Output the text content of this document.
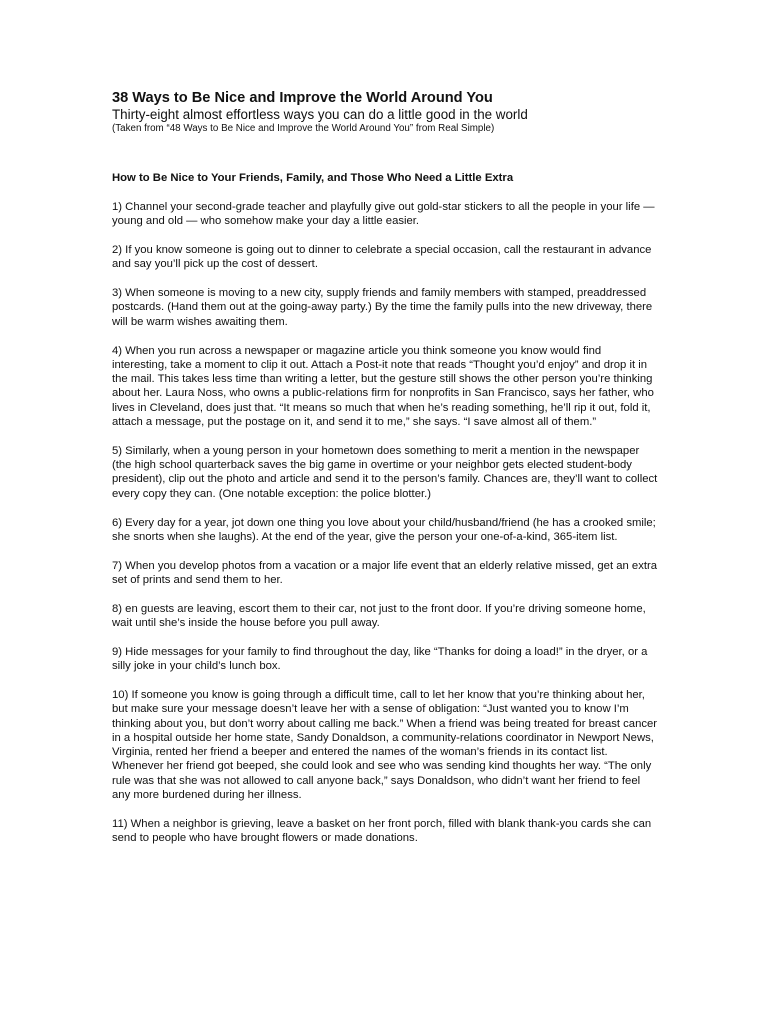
38 Ways to Be Nice and Improve the World Around You

Thirty-eight almost effortless ways you can do a little good in the world

(Taken from “48 Ways to Be Nice and Improve the World Around You” from Real Simple)

How to Be Nice to Your Friends, Family, and Those Who Need a Little Extra

1) Channel your second-grade teacher and playfully give out gold-star stickers to all the people in your life — young and old — who somehow make your day a little easier.

2) If you know someone is going out to dinner to celebrate a special occasion, call the restaurant in advance and say you’ll pick up the cost of dessert.

3) When someone is moving to a new city, supply friends and family members with stamped, preaddressed postcards. (Hand them out at the going-away party.) By the time the family pulls into the new driveway, there will be warm wishes awaiting them.

4) When you run across a newspaper or magazine article you think someone you know would find interesting, take a moment to clip it out. Attach a Post-it note that reads “Thought you’d enjoy” and drop it in the mail. This takes less time than writing a letter, but the gesture still shows the other person you’re thinking about her. Laura Noss, who owns a public-relations firm for nonprofits in San Francisco, says her father, who lives in Cleveland, does just that. “It means so much that when he’s reading something, he’ll rip it out, fold it, attach a message, put the postage on it, and send it to me,” she says. “I save almost all of them.”

5) Similarly, when a young person in your hometown does something to merit a mention in the newspaper (the high school quarterback saves the big game in overtime or your neighbor gets elected student-body president), clip out the photo and article and send it to the person’s family. Chances are, they’ll want to collect every copy they can. (One notable exception: the police blotter.)

6) Every day for a year, jot down one thing you love about your child/husband/friend (he has a crooked smile; she snorts when she laughs). At the end of the year, give the person your one-of-a-kind, 365-item list.

7) When you develop photos from a vacation or a major life event that an elderly relative missed, get an extra set of prints and send them to her.

8) en guests are leaving, escort them to their car, not just to the front door. If you’re driving someone home, wait until she’s inside the house before you pull away.

9) Hide messages for your family to find throughout the day, like “Thanks for doing a load!” in the dryer, or a silly joke in your child’s lunch box.

10) If someone you know is going through a difficult time, call to let her know that you’re thinking about her, but make sure your message doesn’t leave her with a sense of obligation: “Just wanted you to know I’m thinking about you, but don’t worry about calling me back.” When a friend was being treated for breast cancer in a hospital outside her home state, Sandy Donaldson, a community-relations coordinator in Newport News, Virginia, rented her friend a beeper and entered the names of the woman’s friends in its contact list. Whenever her friend got beeped, she could look and see who was sending kind thoughts her way. “The only rule was that she was not allowed to call anyone back,” says Donaldson, who didn’t want her friend to feel any more burdened during her illness.

11) When a neighbor is grieving, leave a basket on her front porch, filled with blank thank-you cards she can send to people who have brought flowers or made donations.
